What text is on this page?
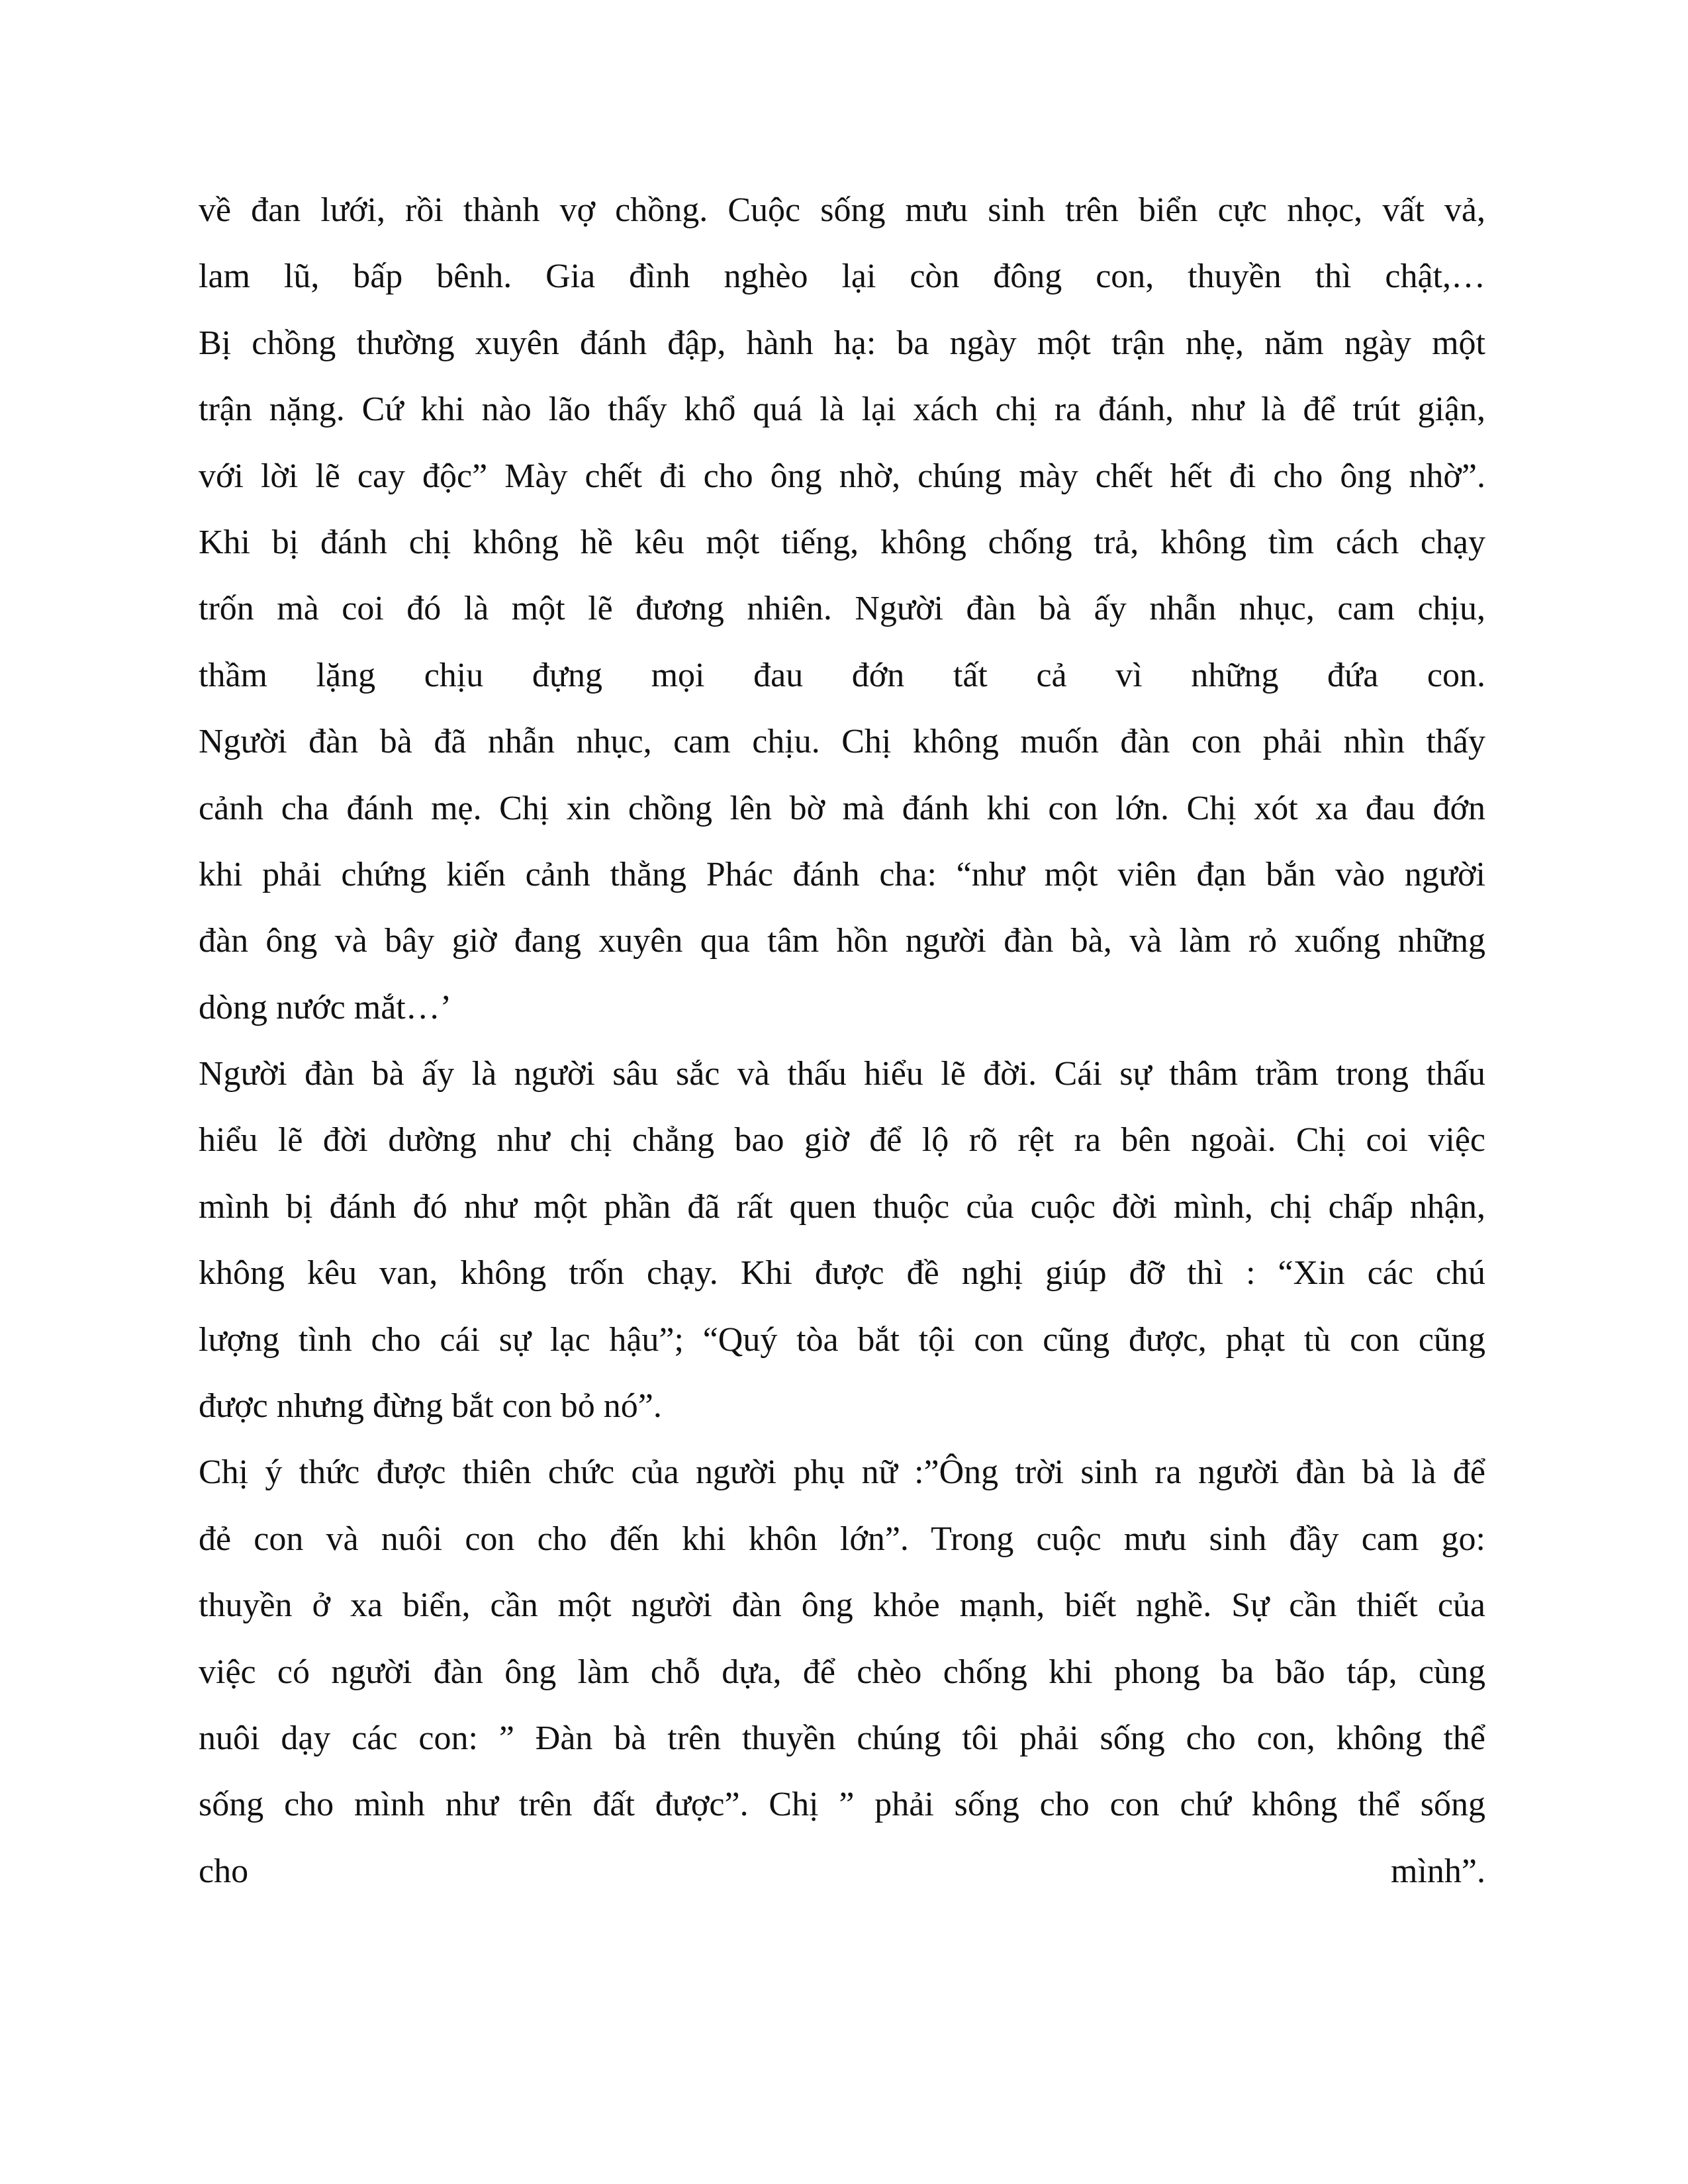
về đan lưới, rồi thành vợ chồng. Cuộc sống mưu sinh trên biển cực nhọc, vất vả,
lam lũ, bấp bênh. Gia đình nghèo lại còn đông con, thuyền thì chật,…
Bị chồng thường xuyên đánh đập, hành hạ: ba ngày một trận nhẹ, năm ngày một
trận nặng. Cứ khi nào lão thấy khổ quá là lại xách chị ra đánh, như là để trút giận,
với lời lẽ cay độc” Mày chết đi cho ông nhờ, chúng mày chết hết đi cho ông nhờ”.
Khi bị đánh chị không hề kêu một tiếng, không chống trả, không tìm cách chạy
trốn mà coi đó là một lẽ đương nhiên. Người đàn bà ấy nhẫn nhục, cam chịu,
thầm lặng chịu đựng mọi đau đớn tất cả vì những đứa con.
Người đàn bà đã nhẫn nhục, cam chịu. Chị không muốn đàn con phải nhìn thấy
cảnh cha đánh mẹ. Chị xin chồng lên bờ mà đánh khi con lớn. Chị xót xa đau đớn
khi phải chứng kiến cảnh thằng Phác đánh cha: “như một viên đạn bắn vào người
đàn ông và bây giờ đang xuyên qua tâm hồn người đàn bà, và làm rỏ xuống những
dòng nước mắt…’
Người đàn bà ấy là người sâu sắc và thấu hiểu lẽ đời. Cái sự thâm trầm trong thấu
hiểu lẽ đời dường như chị chẳng bao giờ để lộ rõ rệt ra bên ngoài. Chị coi việc
mình bị đánh đó như một phần đã rất quen thuộc của cuộc đời mình, chị chấp nhận,
không kêu van, không trốn chạy. Khi được đề nghị giúp đỡ thì : “Xin các chú
lượng tình cho cái sự lạc hậu”; “Quý tòa bắt tội con cũng được, phạt tù con cũng
được nhưng đừng bắt con bỏ nó”.
Chị ý thức được thiên chức của người phụ nữ :”Ông trời sinh ra người đàn bà là để
đẻ con và nuôi con cho đến khi khôn lớn”. Trong cuộc mưu sinh đầy cam go:
thuyền ở xa biển, cần một người đàn ông khỏe mạnh, biết nghề. Sự cần thiết của
việc có người đàn ông làm chỗ dựa, để chèo chống khi phong ba bão táp, cùng
nuôi dạy các con: ” Đàn bà trên thuyền chúng tôi phải sống cho con, không thể
sống cho mình như trên đất được”. Chị ” phải sống cho con chứ không thể sống
cho mình”.
